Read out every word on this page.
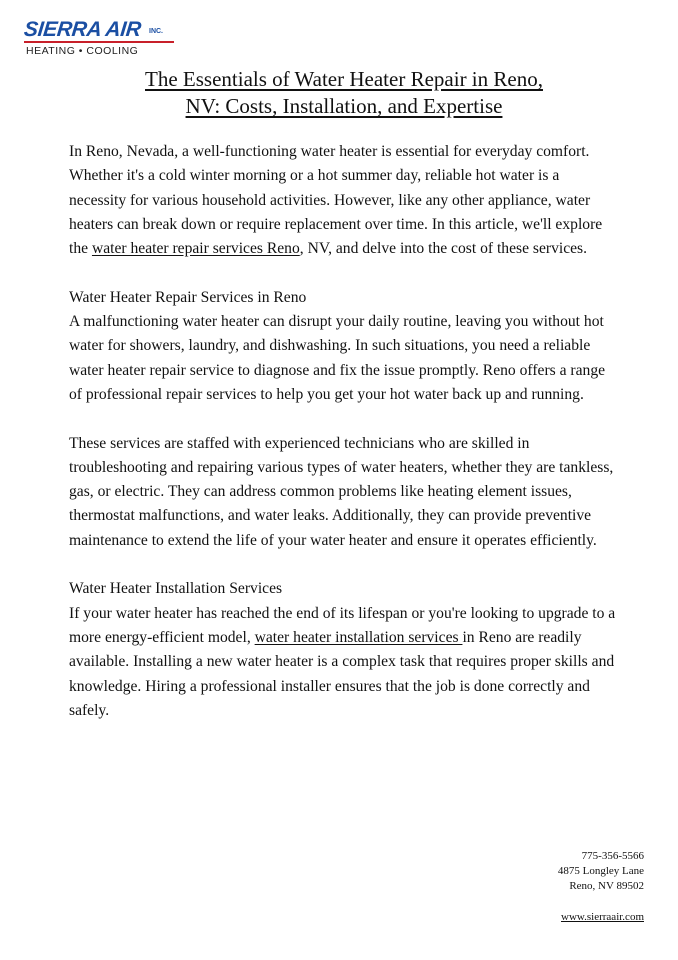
SIERRA AIR INC.
HEATING • COOLING
The Essentials of Water Heater Repair in Reno,
NV: Costs, Installation, and Expertise

In Reno, Nevada, a well-functioning water heater is essential for everyday comfort. Whether it's a cold winter morning or a hot summer day, reliable hot water is a necessity for various household activities. However, like any other appliance, water heaters can break down or require replacement over time. In this article, we'll explore the water heater repair services Reno, NV, and delve into the cost of these services.

Water Heater Repair Services in Reno

A malfunctioning water heater can disrupt your daily routine, leaving you without hot water for showers, laundry, and dishwashing. In such situations, you need a reliable water heater repair service to diagnose and fix the issue promptly. Reno offers a range of professional repair services to help you get your hot water back up and running.

These services are staffed with experienced technicians who are skilled in troubleshooting and repairing various types of water heaters, whether they are tankless, gas, or electric. They can address common problems like heating element issues, thermostat malfunctions, and water leaks. Additionally, they can provide preventive maintenance to extend the life of your water heater and ensure it operates efficiently.

Water Heater Installation Services

If your water heater has reached the end of its lifespan or you're looking to upgrade to a more energy-efficient model, water heater installation services in Reno are readily available. Installing a new water heater is a complex task that requires proper skills and knowledge. Hiring a professional installer ensures that the job is done correctly and safely.

775-356-5566
4875 Longley Lane
Reno, NV 89502
www.sierraair.com
